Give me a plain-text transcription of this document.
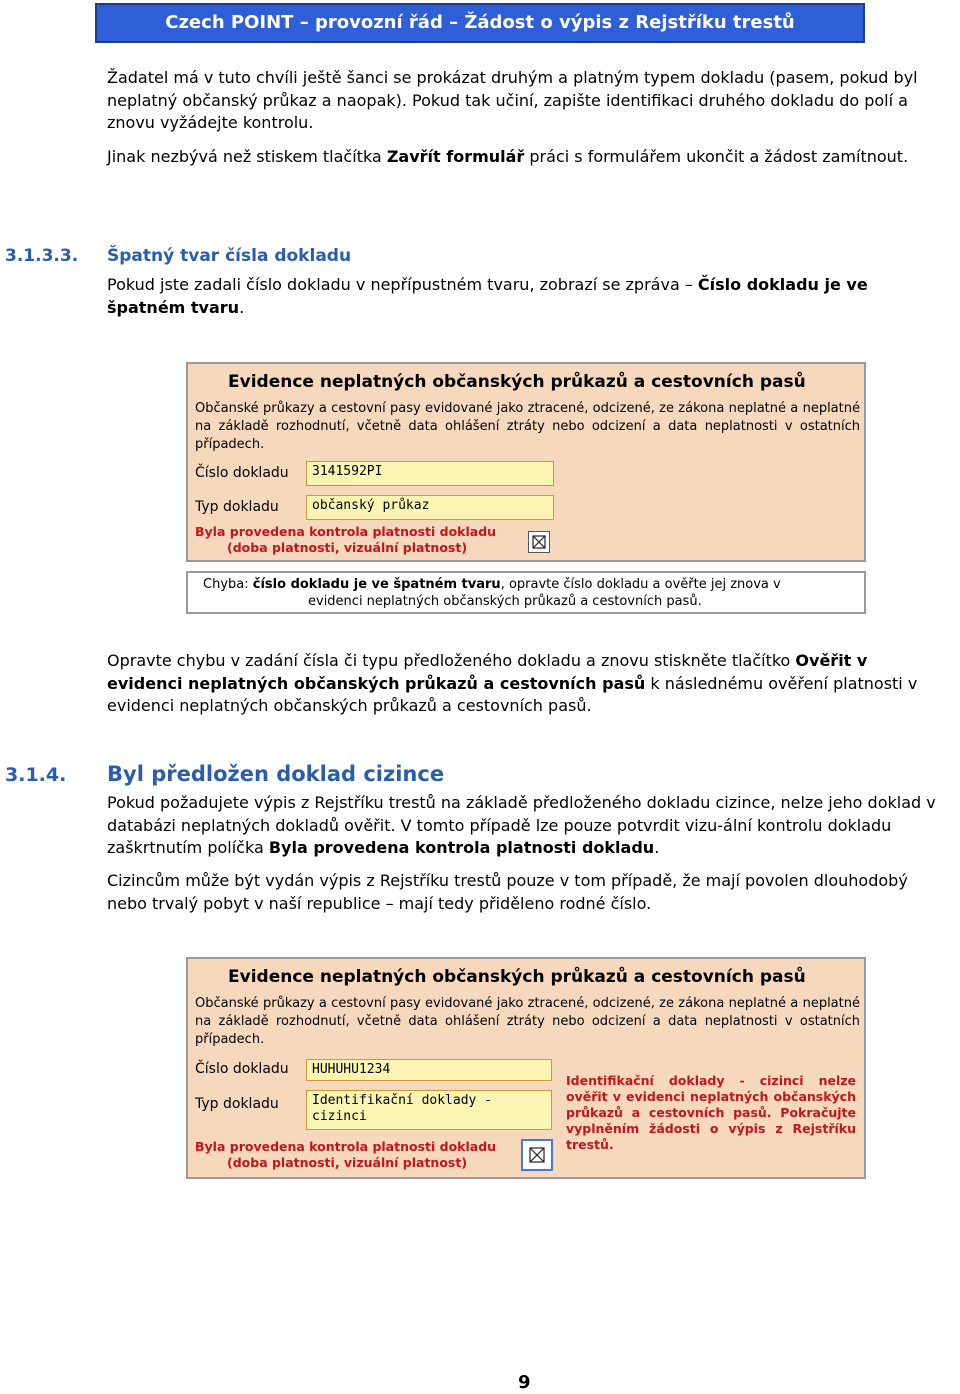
Czech POINT – provozní řád – Žádost o výpis z Rejstříku trestů

Žadatel má v tuto chvíli ještě šanci se prokázat druhým a platným typem dokladu (pasem, pokud byl neplatný občanský průkaz a naopak). Pokud tak učiní, zapište identifikaci druhého dokladu do polí a znovu vyžádejte kontrolu.

Jinak nezbývá než stiskem tlačítka Zavřít formulář práci s formulářem ukončit a žádost zamítnout.

3.1.3.3. Špatný tvar čísla dokladu

Pokud jste zadali číslo dokladu v nepřípustném tvaru, zobrazí se zpráva – Číslo dokladu je ve špatném tvaru.

Evidence neplatných občanských průkazů a cestovních pasů

Občanské průkazy a cestovní pasy evidované jako ztracené, odcizené, ze zákona neplatné a neplatné na základě rozhodnutí, včetně data ohlášení ztráty nebo odcizení a data neplatnosti v ostatních případech.

Číslo dokladu	3141592PI
Typ dokladu	občanský průkaz
Byla provedena kontrola platnosti dokladu
(doba platnosti, vizuální platnost)

Chyba: číslo dokladu je ve špatném tvaru, opravte číslo dokladu a ověřte jej znova v
evidenci neplatných občanských průkazů a cestovních pasů.

Opravte chybu v zadání čísla či typu předloženého dokladu a znovu stiskněte tlačítko Ověřit v evidenci neplatných občanských průkazů a cestovních pasů k následnému ověření platnosti v evidenci neplatných občanských průkazů a cestovních pasů.

3.1.4. Byl předložen doklad cizince

Pokud požadujete výpis z Rejstříku trestů na základě předloženého dokladu cizince, nelze jeho doklad v databázi neplatných dokladů ověřit. V tomto případě lze pouze potvrdit vizu-ální kontrolu dokladu zaškrtnutím políčka Byla provedena kontrola platnosti dokladu.

Cizincům může být vydán výpis z Rejstříku trestů pouze v tom případě, že mají povolen dlouhodobý nebo trvalý pobyt v naší republice – mají tedy přiděleno rodné číslo.

Evidence neplatných občanských průkazů a cestovních pasů

Občanské průkazy a cestovní pasy evidované jako ztracené, odcizené, ze zákona neplatné a neplatné na základě rozhodnutí, včetně data ohlášení ztráty nebo odcizení a data neplatnosti v ostatních případech.

Číslo dokladu	HUHUHU1234
Typ dokladu	Identifikační doklady - cizinci
Byla provedena kontrola platnosti dokladu
(doba platnosti, vizuální platnost)
Identifikační doklady - cizinci nelze ověřit v evidenci neplatných občanských průkazů a cestovních pasů. Pokračujte vyplněním žádosti o výpis z Rejstříku trestů.
9
